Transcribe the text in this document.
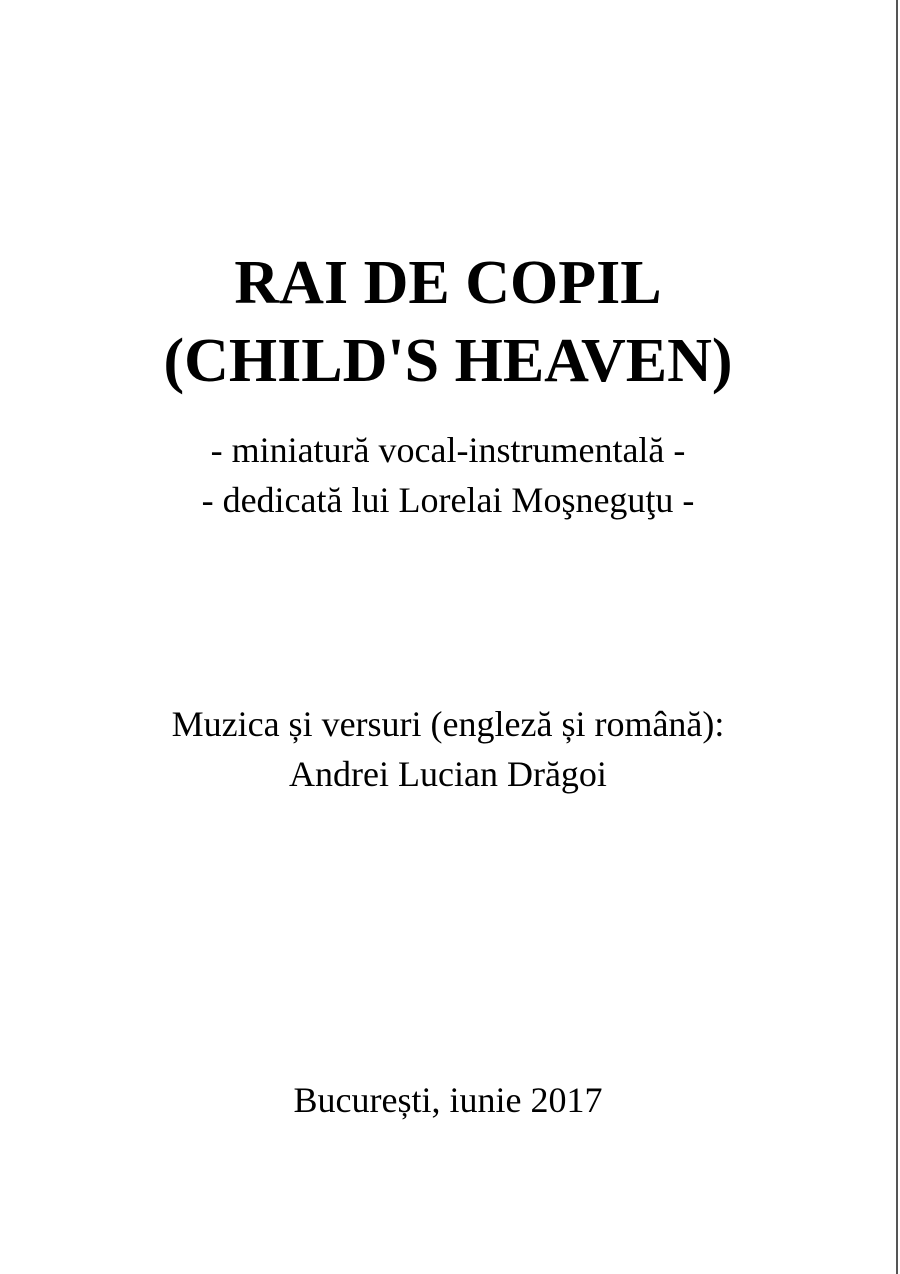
RAI DE COPIL
(CHILD'S HEAVEN)
- miniatură vocal-instrumentală -
- dedicată lui Lorelai Moşneguţu -
Muzica și versuri (engleză și română):
Andrei Lucian Drăgoi
București, iunie 2017
